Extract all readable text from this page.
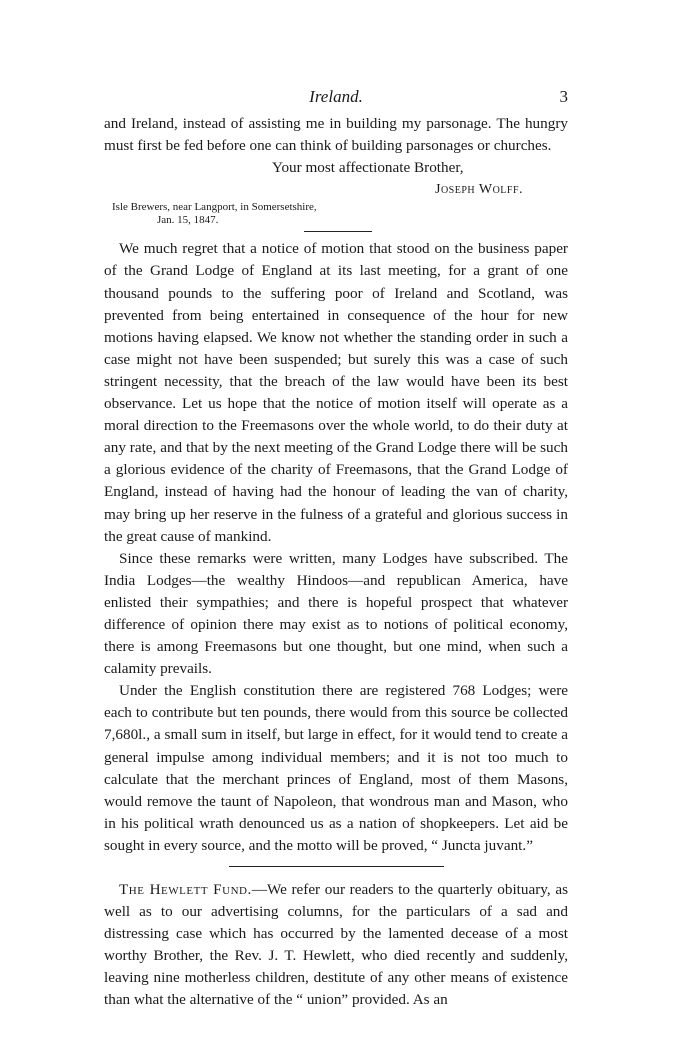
Ireland.	3

and Ireland, instead of assisting me in building my parsonage. The hungry must first be fed before one can think of building parsonages or churches.

Your most affectionate Brother,

Joseph Wolff.

Isle Brewers, near Langport, in Somersetshire,
Jan. 15, 1847.

We much regret that a notice of motion that stood on the business paper of the Grand Lodge of England at its last meeting, for a grant of one thousand pounds to the suffering poor of Ireland and Scotland, was prevented from being entertained in consequence of the hour for new motions having elapsed. We know not whether the standing order in such a case might not have been suspended; but surely this was a case of such stringent necessity, that the breach of the law would have been its best observance. Let us hope that the notice of motion itself will operate as a moral direction to the Freemasons over the whole world, to do their duty at any rate, and that by the next meeting of the Grand Lodge there will be such a glorious evidence of the charity of Freemasons, that the Grand Lodge of England, instead of having had the honour of leading the van of charity, may bring up her reserve in the fulness of a grateful and glorious success in the great cause of mankind.

Since these remarks were written, many Lodges have subscribed. The India Lodges—the wealthy Hindoos—and republican America, have enlisted their sympathies; and there is hopeful prospect that whatever difference of opinion there may exist as to notions of political economy, there is among Freemasons but one thought, but one mind, when such a calamity prevails.

Under the English constitution there are registered 768 Lodges; were each to contribute but ten pounds, there would from this source be collected 7,680l., a small sum in itself, but large in effect, for it would tend to create a general impulse among individual members; and it is not too much to calculate that the merchant princes of England, most of them Masons, would remove the taunt of Napoleon, that wondrous man and Mason, who in his political wrath denounced us as a nation of shopkeepers. Let aid be sought in every source, and the motto will be proved, “ Juncta juvant.”

The Hewlett Fund.—We refer our readers to the quarterly obituary, as well as to our advertising columns, for the particulars of a sad and distressing case which has occurred by the lamented decease of a most worthy Brother, the Rev. J. T. Hewlett, who died recently and suddenly, leaving nine motherless children, destitute of any other means of existence than what the alternative of the “ union” provided. As an
